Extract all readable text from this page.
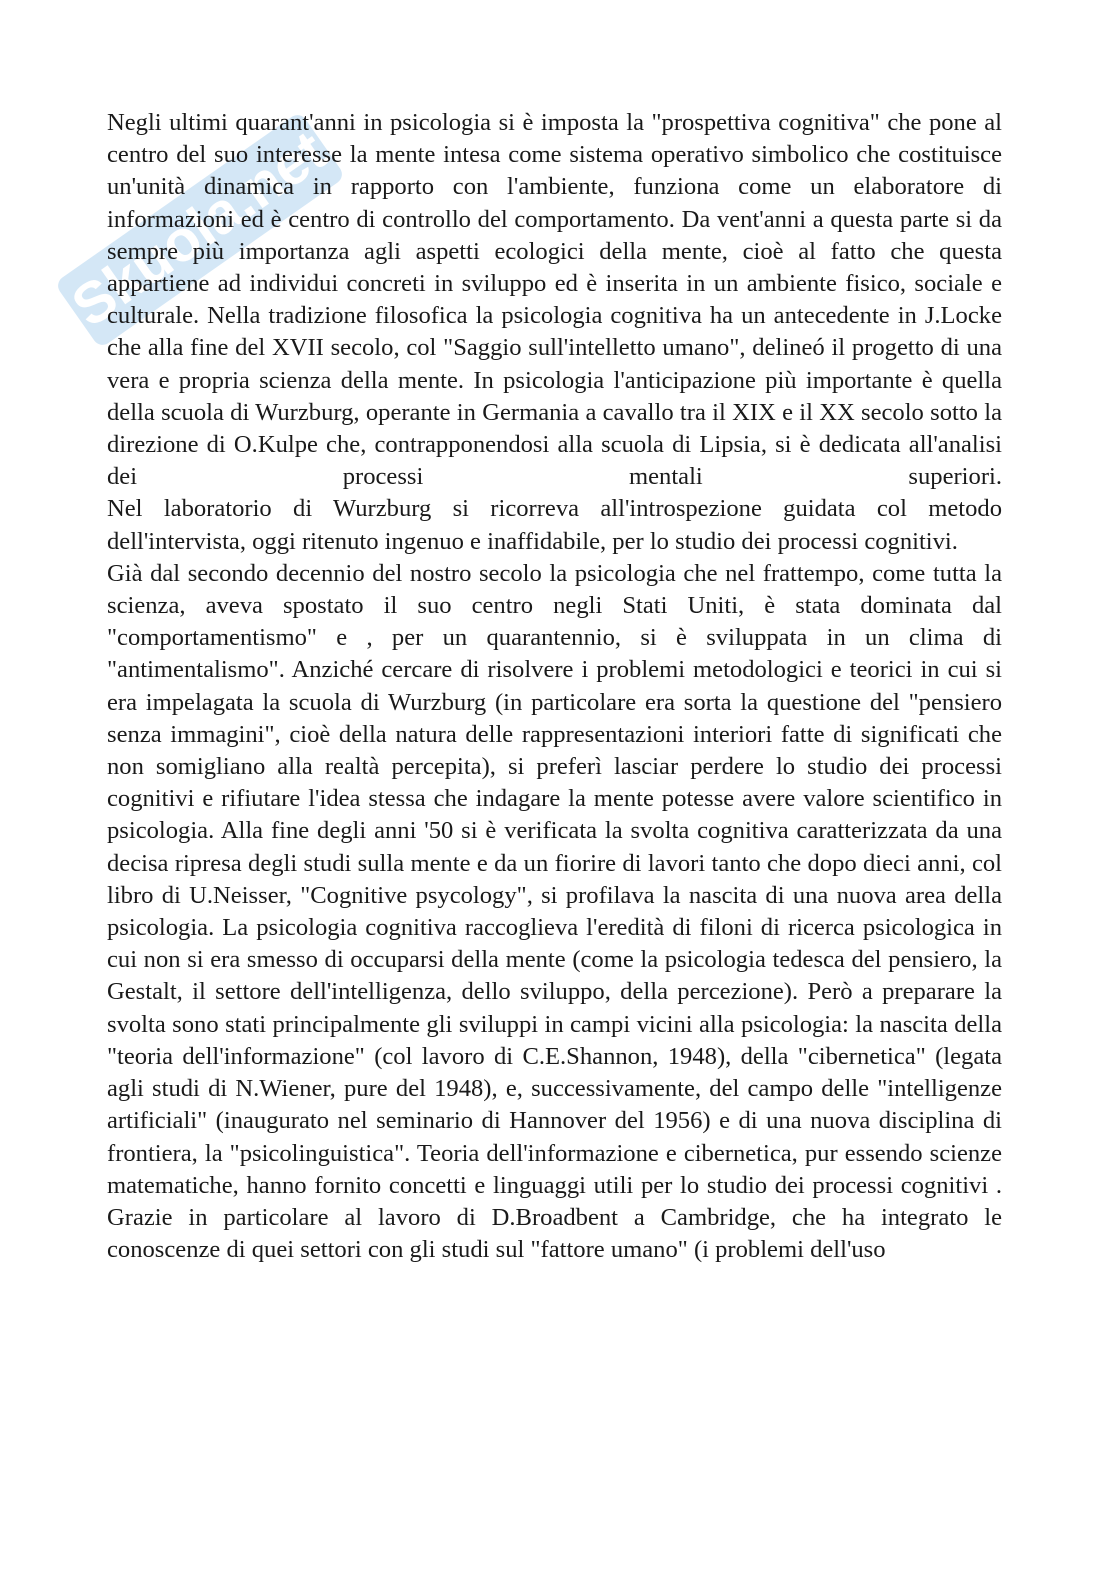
Skuola.net

Negli ultimi quarant'anni in psicologia si è imposta la "prospettiva cognitiva" che pone al centro del suo interesse la mente intesa come sistema operativo simbolico che costituisce un'unità dinamica in rapporto con l'ambiente, funziona come un elaboratore di informazioni ed è centro di controllo del comportamento. Da vent'anni a questa parte si da sempre più importanza agli aspetti ecologici della mente, cioè al fatto che questa appartiene ad individui concreti in sviluppo ed è inserita in un ambiente fisico, sociale e culturale. Nella tradizione filosofica la psicologia cognitiva ha un antecedente in J.Locke che alla fine del XVII secolo, col "Saggio sull'intelletto umano", delineó il progetto di una vera e propria scienza della mente. In psicologia l'anticipazione più importante è quella della scuola di Wurzburg, operante in Germania a cavallo tra il XIX e il XX secolo sotto la direzione di O.Kulpe che, contrapponendosi alla scuola di Lipsia, si è dedicata all'analisi dei processi mentali superiori.

Nel laboratorio di Wurzburg si ricorreva all'introspezione guidata col metodo dell'intervista, oggi ritenuto ingenuo e inaffidabile, per lo studio dei processi cognitivi.

Già dal secondo decennio del nostro secolo la psicologia che nel frattempo, come tutta la scienza, aveva spostato il suo centro negli Stati Uniti, è stata dominata dal "comportamentismo" e , per un quarantennio, si è sviluppata in un clima di "antimentalismo". Anziché cercare di risolvere i problemi metodologici e teorici in cui si era impelagata la scuola di Wurzburg (in particolare era sorta la questione del "pensiero senza immagini", cioè della natura delle rappresentazioni interiori fatte di significati che non somigliano alla realtà percepita), si preferì lasciar perdere lo studio dei processi cognitivi e rifiutare l'idea stessa che indagare la mente potesse avere valore scientifico in psicologia. Alla fine degli anni '50 si è verificata la svolta cognitiva caratterizzata da una decisa ripresa degli studi sulla mente e da un fiorire di lavori tanto che dopo dieci anni, col libro di U.Neisser, "Cognitive psycology", si profilava la nascita di una nuova area della psicologia. La psicologia cognitiva raccoglieva l'eredità di filoni di ricerca psicologica in cui non si era smesso di occuparsi della mente (come la psicologia tedesca del pensiero, la Gestalt, il settore dell'intelligenza, dello sviluppo, della percezione). Però a preparare la svolta sono stati principalmente gli sviluppi in campi vicini alla psicologia: la nascita della "teoria dell'informazione" (col lavoro di C.E.Shannon, 1948), della "cibernetica" (legata agli studi di N.Wiener, pure del 1948), e, successivamente, del campo delle "intelligenze artificiali" (inaugurato nel seminario di Hannover del 1956) e di una nuova disciplina di frontiera, la "psicolinguistica". Teoria dell'informazione e cibernetica, pur essendo scienze matematiche, hanno fornito concetti e linguaggi utili per lo studio dei processi cognitivi . Grazie in particolare al lavoro di D.Broadbent a Cambridge, che ha integrato le conoscenze di quei settori con gli studi sul "fattore umano" (i problemi dell'uso
